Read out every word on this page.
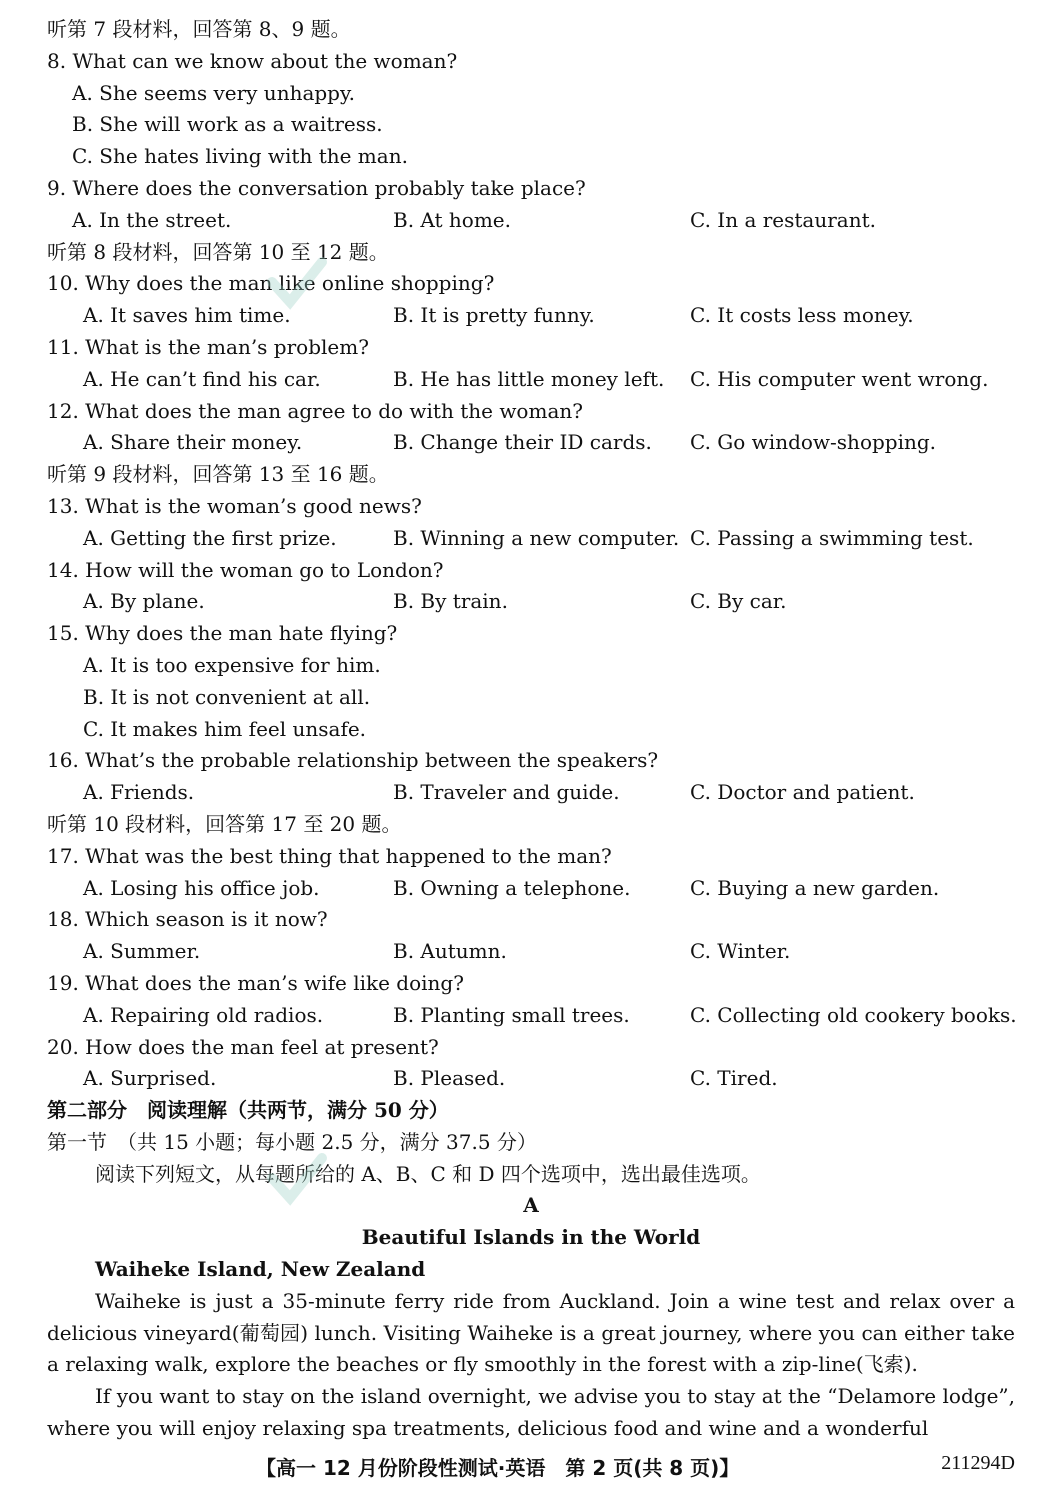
听第 7 段材料，回答第 8、9 题。
8. What can we know about the woman?
A. She seems very unhappy.
B. She will work as a waitress.
C. She hates living with the man.
9. Where does the conversation probably take place?
A. In the street.	B. At home.	C. In a restaurant.
听第 8 段材料，回答第 10 至 12 题。
10. Why does the man like online shopping?
A. It saves him time.	B. It is pretty funny.	C. It costs less money.
11. What is the man’s problem?
A. He can’t find his car.	B. He has little money left. C. His computer went wrong.
12. What does the man agree to do with the woman?
A. Share their money.	B. Change their ID cards. C. Go window-shopping.
听第 9 段材料，回答第 13 至 16 题。
13. What is the woman’s good news?
A. Getting the first prize.	B. Winning a new computer. C. Passing a swimming test.
14. How will the woman go to London?
A. By plane.	B. By train.	C. By car.
15. Why does the man hate flying?
A. It is too expensive for him.
B. It is not convenient at all.
C. It makes him feel unsafe.
16. What’s the probable relationship between the speakers?
A. Friends.	B. Traveler and guide.	C. Doctor and patient.
听第 10 段材料，回答第 17 至 20 题。
17. What was the best thing that happened to the man?
A. Losing his office job.	B. Owning a telephone.	C. Buying a new garden.
18. Which season is it now?
A. Summer.	B. Autumn.	C. Winter.
19. What does the man’s wife like doing?
A. Repairing old radios.	B. Planting small trees.	C. Collecting old cookery books.
20. How does the man feel at present?
A. Surprised.	B. Pleased.	C. Tired.
第二部分　阅读理解（共两节，满分 50 分）
第一节　（共 15 小题；每小题 2.5 分，满分 37.5 分）
阅读下列短文，从每题所给的 A、B、C 和 D 四个选项中，选出最佳选项。
A
Beautiful Islands in the World
Waiheke Island, New Zealand

Waiheke is just a 35-minute ferry ride from Auckland. Join a wine test and relax over a delicious vineyard(葡萄园) lunch. Visiting Waiheke is a great journey, where you can either take a relaxing walk, explore the beaches or fly smoothly in the forest with a zip-line(飞索).

If you want to stay on the island overnight, we advise you to stay at the “Delamore lodge”, where you will enjoy relaxing spa treatments, delicious food and wine and a wonderful

【高一 12 月份阶段性测试·英语　第 2 页(共 8 页)】	211294D
